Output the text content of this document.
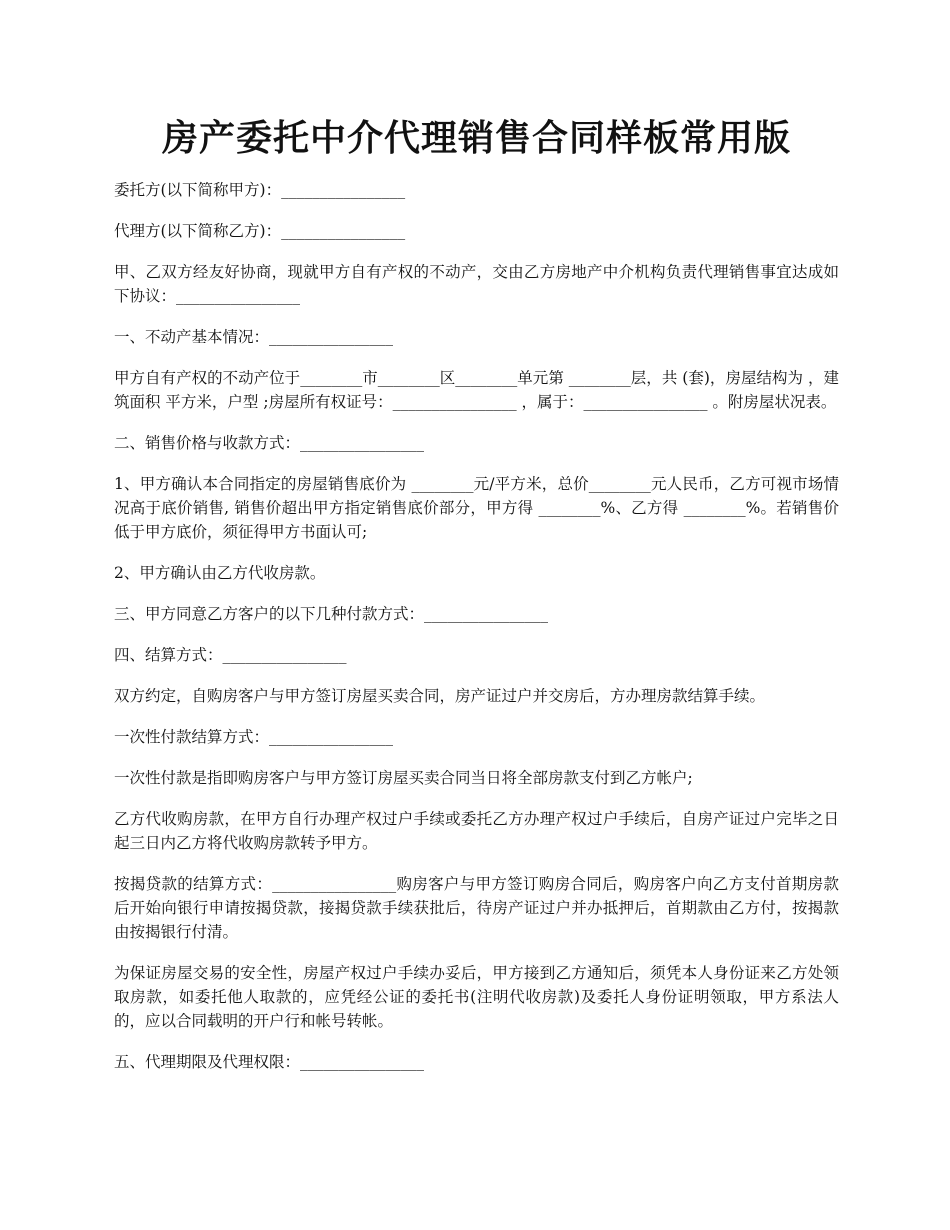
房产委托中介代理销售合同样板常用版

委托方(以下简称甲方)：________________

代理方(以下简称乙方)：________________

甲、乙双方经友好协商，现就甲方自有产权的不动产，交由乙方房地产中介机构负责代理销售事宜达成如下协议：________________

一、不动产基本情况：________________

甲方自有产权的不动产位于________市________区________单元第 ________层，共 (套)，房屋结构为 ，建筑面积 平方米，户型 ;房屋所有权证号：________________ ，属于：________________ 。附房屋状况表。

二、销售价格与收款方式：________________

1、甲方确认本合同指定的房屋销售底价为 ________元/平方米，总价________元人民币，乙方可视市场情况高于底价销售, 销售价超出甲方指定销售底价部分，甲方得 ________%、乙方得 ________%。若销售价低于甲方底价，须征得甲方书面认可;

2、甲方确认由乙方代收房款。

三、甲方同意乙方客户的以下几种付款方式：________________

四、结算方式：________________

双方约定，自购房客户与甲方签订房屋买卖合同，房产证过户并交房后，方办理房款结算手续。

一次性付款结算方式：________________

一次性付款是指即购房客户与甲方签订房屋买卖合同当日将全部房款支付到乙方帐户;

乙方代收购房款，在甲方自行办理产权过户手续或委托乙方办理产权过户手续后，自房产证过户完毕之日起三日内乙方将代收购房款转予甲方。

按揭贷款的结算方式：________________购房客户与甲方签订购房合同后，购房客户向乙方支付首期房款后开始向银行申请按揭贷款，接揭贷款手续获批后，待房产证过户并办抵押后，首期款由乙方付，按揭款由按揭银行付清。

为保证房屋交易的安全性，房屋产权过户手续办妥后，甲方接到乙方通知后，须凭本人身份证来乙方处领取房款，如委托他人取款的，应凭经公证的委托书(注明代收房款)及委托人身份证明领取，甲方系法人的，应以合同载明的开户行和帐号转帐。

五、代理期限及代理权限：________________
